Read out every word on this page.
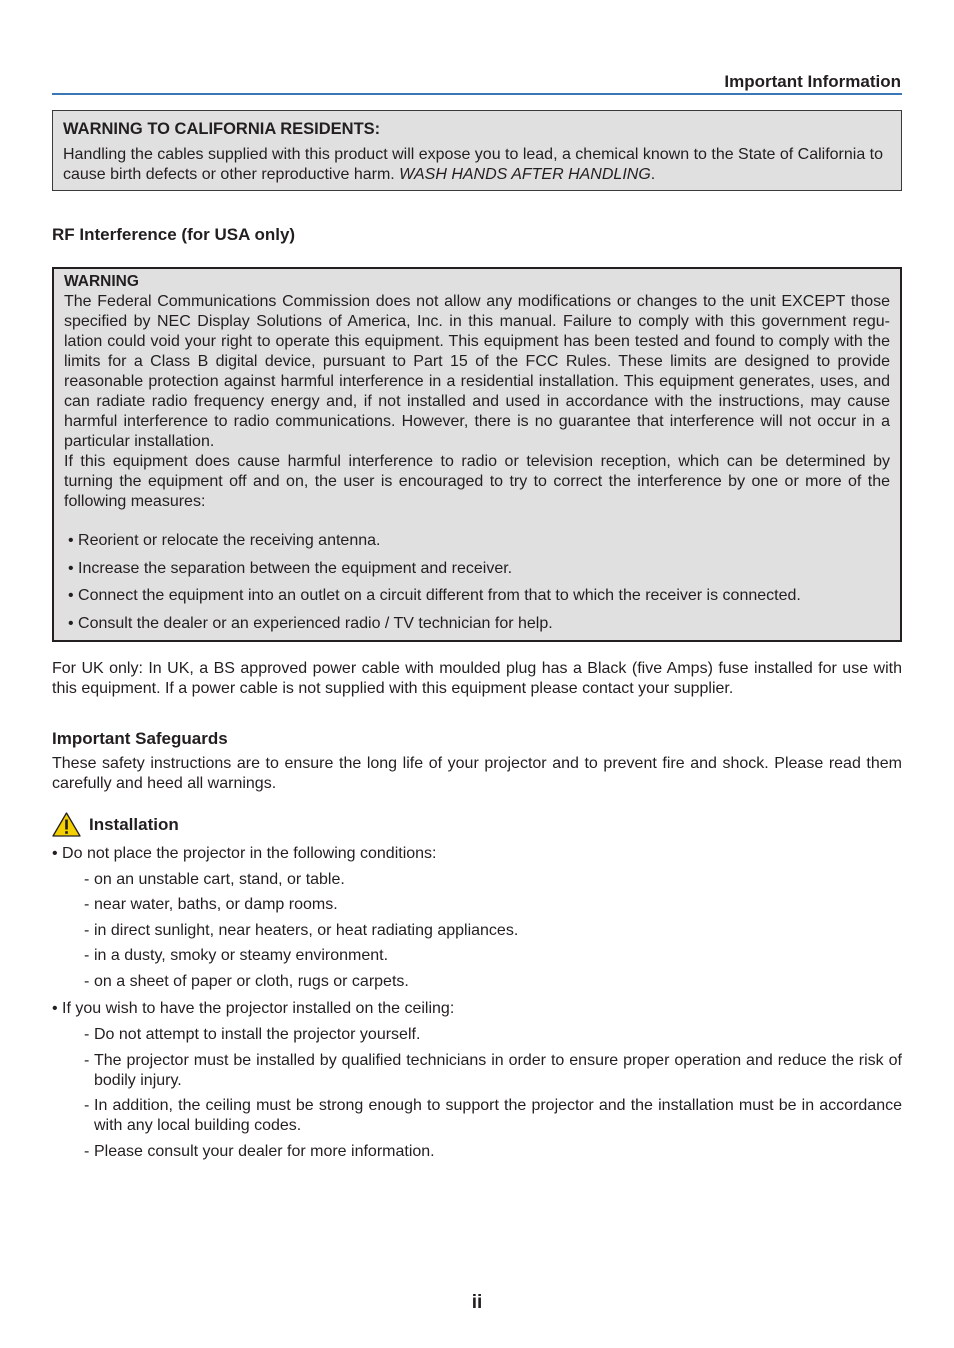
Important Information
WARNING TO CALIFORNIA RESIDENTS:

Handling the cables supplied with this product will expose you to lead, a chemical known to the State of California to cause birth defects or other reproductive harm. WASH HANDS AFTER HANDLING.

RF Interference (for USA only)
WARNING

The Federal Communications Commission does not allow any modifications or changes to the unit EXCEPT those specified by NEC Display Solutions of America, Inc. in this manual. Failure to comply with this government regu-lation could void your right to operate this equipment. This equipment has been tested and found to comply with the limits for a Class B digital device, pursuant to Part 15 of the FCC Rules. These limits are designed to provide reasonable protection against harmful interference in a residential installation. This equipment generates, uses, and can radiate radio frequency energy and, if not installed and used in accordance with the instructions, may cause harmful interference to radio communications. However, there is no guarantee that interference will not occur in a particular installation.

If this equipment does cause harmful interference to radio or television reception, which can be determined by turning the equipment off and on, the user is encouraged to try to correct the interference by one or more of the following measures:

• Reorient or relocate the receiving antenna.
• Increase the separation between the equipment and receiver.
• Connect the equipment into an outlet on a circuit different from that to which the receiver is connected.
• Consult the dealer or an experienced radio / TV technician for help.

For UK only: In UK, a BS approved power cable with moulded plug has a Black (five Amps) fuse installed for use with this equipment. If a power cable is not supplied with this equipment please contact your supplier.

Important Safeguards

These safety instructions are to ensure the long life of your projector and to prevent fire and shock. Please read them carefully and heed all warnings.

Installation

• Do not place the projector in the following conditions:

- on an unstable cart, stand, or table.

- near water, baths, or damp rooms.

- in direct sunlight, near heaters, or heat radiating appliances.

- in a dusty, smoky or steamy environment.

- on a sheet of paper or cloth, rugs or carpets.

• If you wish to have the projector installed on the ceiling:

- Do not attempt to install the projector yourself.

- The projector must be installed by qualified technicians in order to ensure proper operation and reduce the risk of bodily injury.

- In addition, the ceiling must be strong enough to support the projector and the installation must be in accordance with any local building codes.

- Please consult your dealer for more information.

ii
